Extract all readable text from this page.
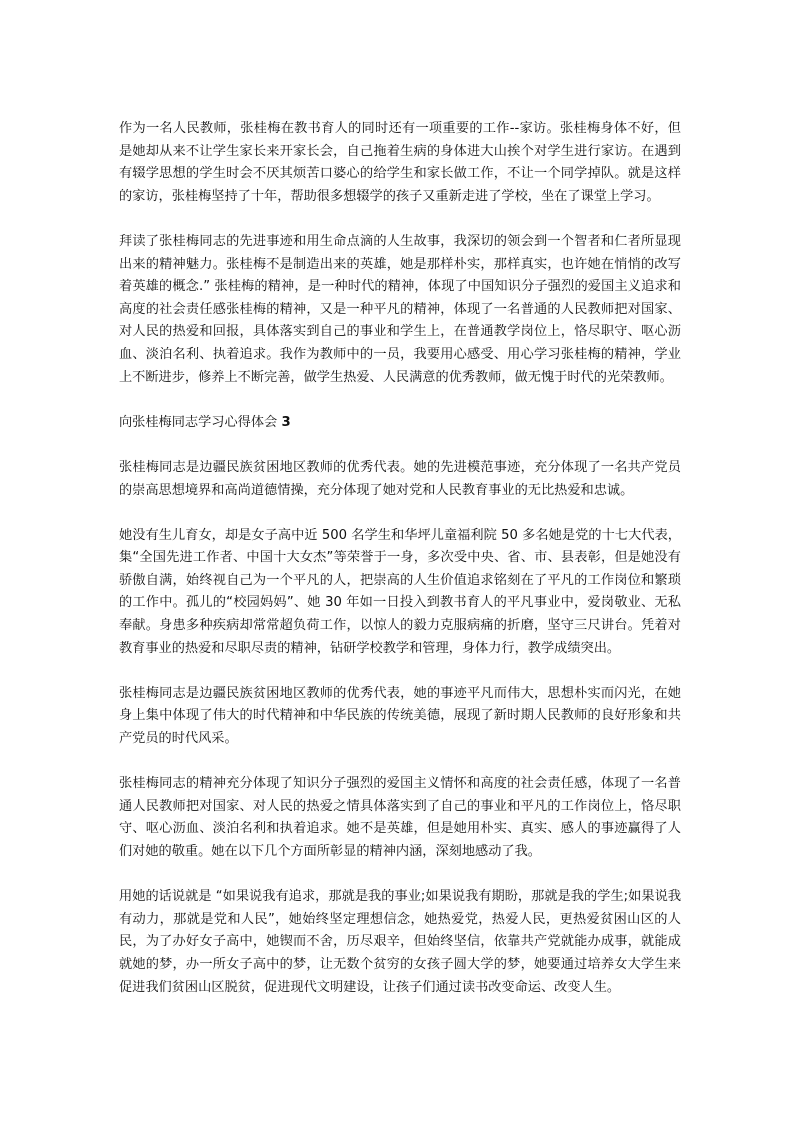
作为一名人民教师，张桂梅在教书育人的同时还有一项重要的工作--家访。张桂梅身体不好，但是她却从来不让学生家长来开家长会，自己拖着生病的身体进大山挨个对学生进行家访。在遇到有辍学思想的学生时会不厌其烦苦口婆心的给学生和家长做工作，不让一个同学掉队。就是这样的家访，张桂梅坚持了十年，帮助很多想辍学的孩子又重新走进了学校，坐在了课堂上学习。

拜读了张桂梅同志的先进事迹和用生命点滴的人生故事，我深切的领会到一个智者和仁者所显现出来的精神魅力。张桂梅不是制造出来的英雄，她是那样朴实，那样真实，也许她在悄悄的改写着英雄的概念.” 张桂梅的精神，是一种时代的精神，体现了中国知识分子强烈的爱国主义追求和高度的社会责任感张桂梅的精神，又是一种平凡的精神，体现了一名普通的人民教师把对国家、对人民的热爱和回报，具体落实到自己的事业和学生上，在普通教学岗位上，恪尽职守、呕心沥血、淡泊名利、执着追求。我作为教师中的一员，我要用心感受、用心学习张桂梅的精神，学业上不断进步，修养上不断完善，做学生热爱、人民满意的优秀教师，做无愧于时代的光荣教师。

向张桂梅同志学习心得体会 3

张桂梅同志是边疆民族贫困地区教师的优秀代表。她的先进模范事迹，充分体现了一名共产党员的崇高思想境界和高尚道德情操，充分体现了她对党和人民教育事业的无比热爱和忠诚。

她没有生儿育女，却是女子高中近 500 名学生和华坪儿童福利院 50 多名她是党的十七大代表，集“全国先进工作者、中国十大女杰”等荣誉于一身，多次受中央、省、市、县表彰，但是她没有骄傲自满，始终视自己为一个平凡的人，把崇高的人生价值追求铭刻在了平凡的工作岗位和繁琐的工作中。孤儿的“校园妈妈”、她 30 年如一日投入到教书育人的平凡事业中，爱岗敬业、无私奉献。身患多种疾病却常常超负荷工作，以惊人的毅力克服病痛的折磨，坚守三尺讲台。凭着对教育事业的热爱和尽职尽责的精神，钻研学校教学和管理，身体力行，教学成绩突出。

张桂梅同志是边疆民族贫困地区教师的优秀代表，她的事迹平凡而伟大，思想朴实而闪光，在她身上集中体现了伟大的时代精神和中华民族的传统美德，展现了新时期人民教师的良好形象和共产党员的时代风采。

张桂梅同志的精神充分体现了知识分子强烈的爱国主义情怀和高度的社会责任感，体现了一名普通人民教师把对国家、对人民的热爱之情具体落实到了自己的事业和平凡的工作岗位上，恪尽职守、呕心沥血、淡泊名利和执着追求。她不是英雄，但是她用朴实、真实、感人的事迹赢得了人们对她的敬重。她在以下几个方面所彰显的精神内涵，深刻地感动了我。

用她的话说就是 “如果说我有追求，那就是我的事业;如果说我有期盼，那就是我的学生;如果说我有动力，那就是党和人民”，她始终坚定理想信念，她热爱党，热爱人民，更热爱贫困山区的人民，为了办好女子高中，她锲而不舍，历尽艰辛，但始终坚信，依靠共产党就能办成事，就能成就她的梦，办一所女子高中的梦，让无数个贫穷的女孩子圆大学的梦，她要通过培养女大学生来促进我们贫困山区脱贫，促进现代文明建设，让孩子们通过读书改变命运、改变人生。
